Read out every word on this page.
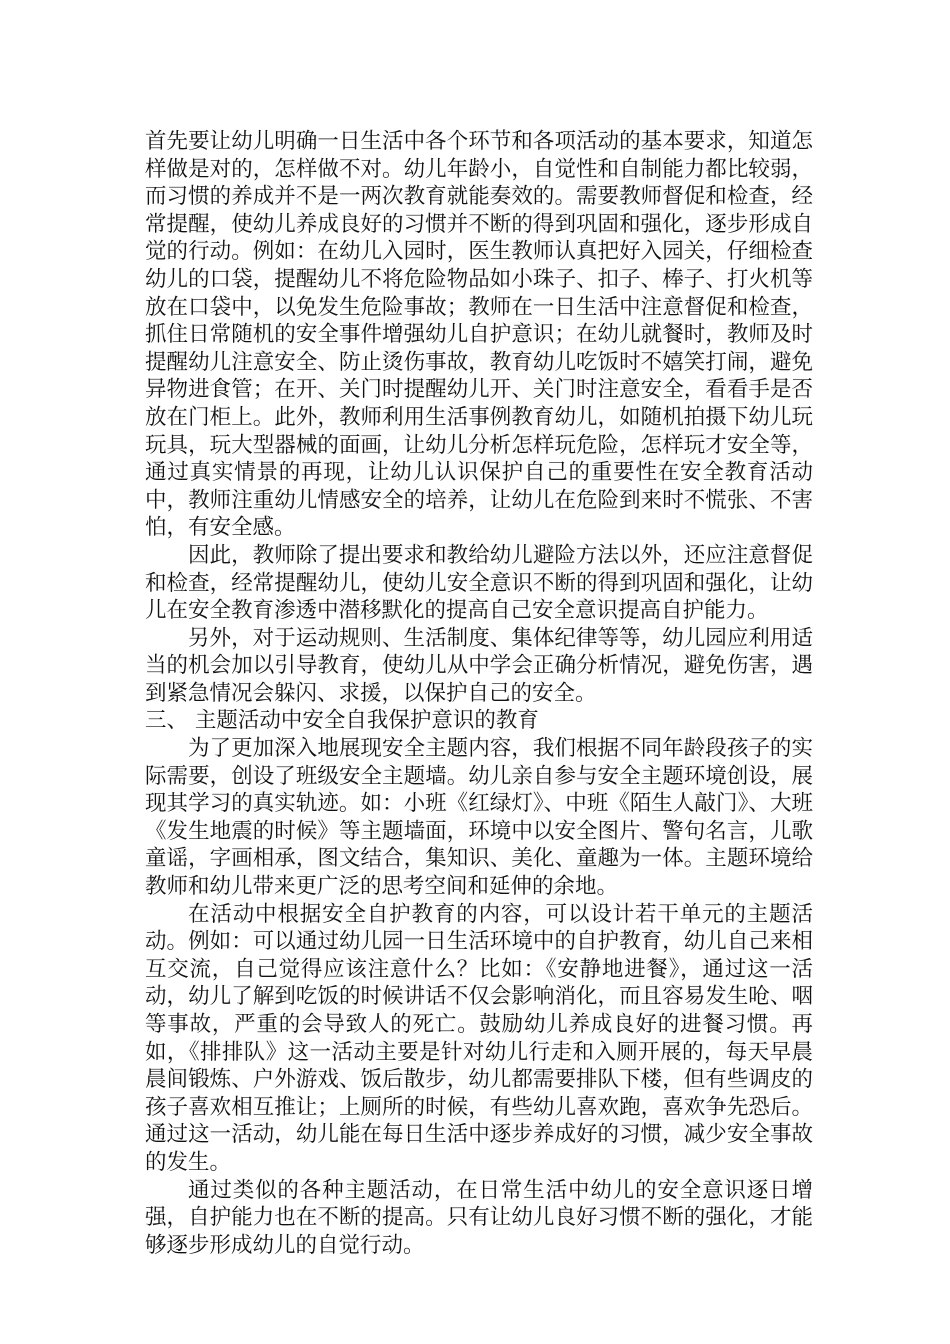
首先要让幼儿明确一日生活中各个环节和各项活动的基本要求，知道怎样做是对的，怎样做不对。幼儿年龄小，自觉性和自制能力都比较弱，而习惯的养成并不是一两次教育就能奏效的。需要教师督促和检查，经常提醒，使幼儿养成良好的习惯并不断的得到巩固和强化，逐步形成自觉的行动。例如：在幼儿入园时，医生教师认真把好入园关，仔细检查幼儿的口袋，提醒幼儿不将危险物品如小珠子、扣子、棒子、打火机等放在口袋中，以免发生危险事故；教师在一日生活中注意督促和检查，抓住日常随机的安全事件增强幼儿自护意识；在幼儿就餐时，教师及时提醒幼儿注意安全、防止烫伤事故，教育幼儿吃饭时不嬉笑打闹，避免异物进食管；在开、关门时提醒幼儿开、关门时注意安全，看看手是否放在门柜上。此外，教师利用生活事例教育幼儿，如随机拍摄下幼儿玩玩具，玩大型器械的面画，让幼儿分析怎样玩危险，怎样玩才安全等，通过真实情景的再现，让幼儿认识保护自己的重要性在安全教育活动中，教师注重幼儿情感安全的培养，让幼儿在危险到来时不慌张、不害怕，有安全感。

因此，教师除了提出要求和教给幼儿避险方法以外，还应注意督促和检查，经常提醒幼儿，使幼儿安全意识不断的得到巩固和强化，让幼儿在安全教育渗透中潜移默化的提高自己安全意识提高自护能力。

另外，对于运动规则、生活制度、集体纪律等等，幼儿园应利用适当的机会加以引导教育，使幼儿从中学会正确分析情况，避免伤害，遇到紧急情况会躲闪、求援，以保护自己的安全。

三、 主题活动中安全自我保护意识的教育

为了更加深入地展现安全主题内容，我们根据不同年龄段孩子的实际需要，创设了班级安全主题墙。幼儿亲自参与安全主题环境创设，展现其学习的真实轨迹。如：小班《红绿灯》、中班《陌生人敲门》、大班《发生地震的时候》等主题墙面，环境中以安全图片、警句名言，儿歌童谣，字画相承，图文结合，集知识、美化、童趣为一体。主题环境给教师和幼儿带来更广泛的思考空间和延伸的余地。

在活动中根据安全自护教育的内容，可以设计若干单元的主题活动。例如：可以通过幼儿园一日生活环境中的自护教育，幼儿自己来相互交流，自己觉得应该注意什么？比如：《安静地进餐》，通过这一活动，幼儿了解到吃饭的时候讲话不仅会影响消化，而且容易发生呛、咽等事故，严重的会导致人的死亡。鼓励幼儿养成良好的进餐习惯。再如，《排排队》这一活动主要是针对幼儿行走和入厕开展的，每天早晨晨间锻炼、户外游戏、饭后散步，幼儿都需要排队下楼，但有些调皮的孩子喜欢相互推让；上厕所的时候，有些幼儿喜欢跑，喜欢争先恐后。通过这一活动，幼儿能在每日生活中逐步养成好的习惯，减少安全事故的发生。

通过类似的各种主题活动，在日常生活中幼儿的安全意识逐日增强，自护能力也在不断的提高。只有让幼儿良好习惯不断的强化，才能够逐步形成幼儿的自觉行动。
